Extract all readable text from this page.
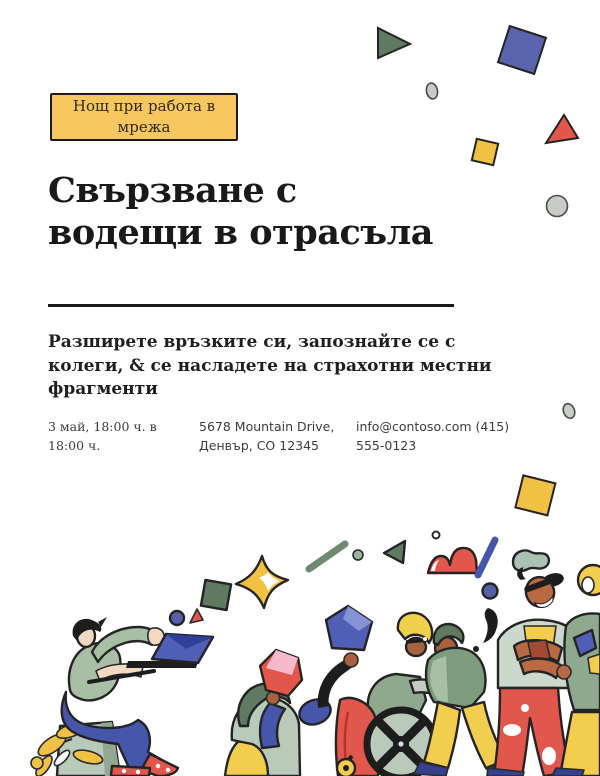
Нощ при работа в
мрежа
Свързване с
водещи в отрасъла
Разширете връзките си, запознайте се с
колеги, & се насладете на страхотни местни
фрагменти
3 май, 18:00 ч. в
18:00 ч.
5678 Mountain Drive,
Денвър, CO 12345
info@contoso.com (415)
555-0123
